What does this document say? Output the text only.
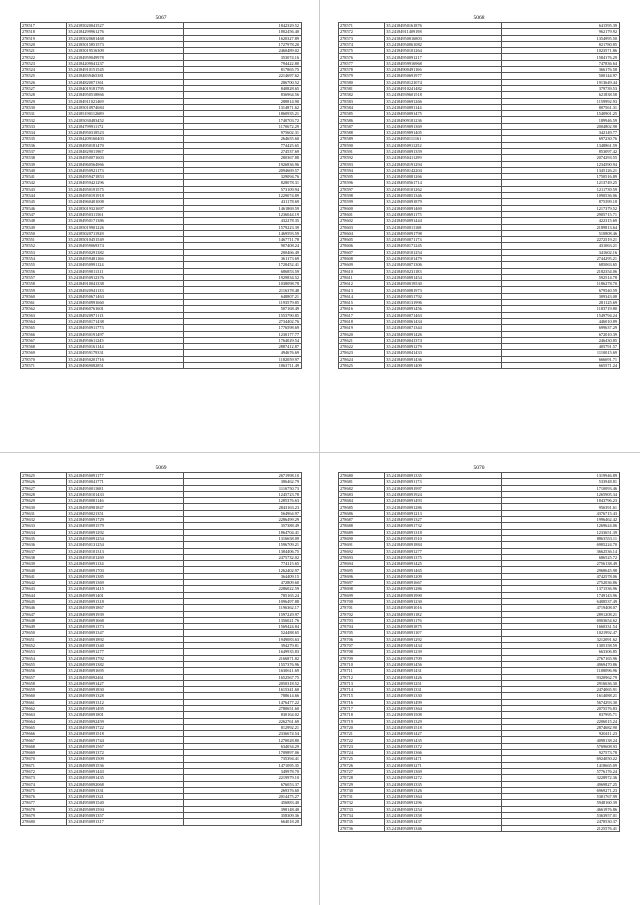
5067
278517	35.24185020041527	1842329.52
278518	35.24184299961276	1802456.40
278519	35.24185020681468	1620327.89
278520	35.24185015851573	1727978.20
278521	35.24185019516309	2460489.02
278522	35.24184959049978	353074.16
278523	35.24184209041237	794422.80
278524	35.24184910151545	817865.75
278525	35.24184839465381	2214697.62
278526	35.24184820071361	286700.52
278527	35.24184019181795	840828.65
278528	35.24184950518866	836964.56
278529	35.24184911021469	288814.90
278530	35.24185010974684	1314871.62
278531	35.24185190112689	1860935.21
278532	35.24185030483452	1740703.72
278533	35.24184799911172	1170672.29
278534	35.24184950318523	975602.31
278535	35.24184209160403	264655.60
278536	35.24184950181470	774425.65
278537	35.24184829011967	274537.69
278538	35.24184950071603	280367.88
278539	35.24184960564966	1926836.96
278540	35.24184950921173	2094669.57
278541	35.24184959471853	329094.76
278542	35.24184959421296	828078.31
278543	35.24184950191575	573109.94
278544	35.24184950191918	1229074.89
278545	35.24184960401008	431178.69
278546	35.24185019321697	1461869.59
278547	35.24184950311561	1236044.19
278548	35.24184950171386	432278.35
278549	35.24185019901226	1579223.39
278550	35.24185020711928	1469593.59
278551	35.24185010451549	1467711.78
278552	35.24184959069374	907408.24
278553	35.24184950291382	200466.49
278554	35.24184959481166	361173.69
278555	35.24184950991124	1728452.41
278556	35.24184959011311	686853.59
278557	35.24184950912376	1929834.52
278558	35.24184910041338	1038098.78
278559	35.24184920941133	2116378.48
278560	35.24184950671463	648807.21
278561	35.24184950991660	1193579.85
278562	35.24184960761601	507168.49
278563	35.24184920971113	1553790.85
278564	35.24184950171438	2734402.76
278565	35.24184950911773	1776598.69
278566	35.24184950191497	1230177.77
278567	35.24184950611245	1764029.54
278568	35.24184950161144	2887412.87
278569	35.24184959179331	494676.69
278570	35.24184950201716	1182059.97
278571	35.24184969082851	1063711.49
5068
278571	35.24184950161876	641595.39
278572	35.24184911409198	962179.92
278573	35.24184950016803	1354995.50
278574	35.24184950061082	821780.85
278575	35.24184950101264	1023571.86
278576	35.24184950091217	1584176.29
278577	35.24184959916968	747836.64
278578	35.24184900491166	366176.58
278579	35.24184950691977	500144.97
278580	35.24184950121074	1913649.44
278581	35.24184910241482	379739.53
278582	35.24184939601518	621838.58
278583	35.24184950691266	1159992.93
278584	35.24184950091144	807561.31
278585	35.24184950091475	1540901.25
278586	35.24184909181236	189946.59
278587	35.24184959091369	2004802.98
278588	35.24184959091405	342149.77
278589	35.24184950111161	697230.76
278590	35.24184950911252	1348861.59
278591	35.24184950091359	853097.42
278592	35.24184950411299	2074293.55
278593	35.24184950191294	1234590.94
278594	35.24184950142204	1345126.21
278595	35.24184950081266	1750516.89
278596	35.24184950561714	1213749.25
278597	35.24184950101262	1211739.59
278598	35.24184950051346	1090536.06
278599	35.24184950091879	875399.18
278600	35.24184950091469	1217379.52
278601	35.24184950691175	2905715.71
278602	35.24184950091444	422315.69
278603	35.24184950011168	2189813.64
278604	35.24184950091798	510808.46
278605	35.24184950071173	2272519.21
278606	35.24184950171245	431063.21
278607	35.24184950101254	341602.16
278608	35.24184950101479	2744295.21
278609	35.24184950071306	685063.65
278610	35.24184950231183	2182354.06
278611	35.24184950091454	592514.78
278612	35.24184950019530	1186278.70
278613	35.24184950081973	679540.59
278614	35.24184950051792	309343.08
278615	35.24184950131996	281125.69
278616	35.24184950091456	1183719.80
278617	35.24184950071463	1549794.24
278618	35.24184950061434	446010.89
278619	35.24184950071344	699637.29
278620	35.24184950091426	672010.39
278621	35.24184950041374	246430.85
278622	35.24184950091279	405791.57
278623	35.24184950041433	1110015.69
278624	35.24184950091436	666691.71
278625	35.24184950091409	665571.24
5069
278625	35.24184950091177	2671998.10
278626	35.24184950041771	386462.79
278627	35.24184950011681	1116750.73
278628	35.24184950101433	1245723.78
278629	35.24184950081146	1285376.63
278630	35.24184950981847	2843163.23
278631	35.24184950021351	564964.97
278632	35.24184950091729	2286499.29
278633	35.24184950091579	357388.49
278634	35.24184950091292	1864704.41
278635	35.24184950091254	1316658.09
278636	35.24184950131254	1596709.21
278637	35.24184950101313	1384406.75
278638	35.24184950101269	2475732.02
278639	35.24184950091134	774115.65
278640	35.24184950091703	1262402.97
278641	35.24184950091385	364409.15
278642	35.24184950091369	472809.60
278643	35.24184950091415	2286022.59
278644	35.24184950091401	785165.24
278645	35.24184950091318	1096497.88
278646	35.24184950091867	1196362.17
278647	35.24184950091939	1597229.97
278648	35.24184950091668	1356021.76
278649	35.24184950091373	1569424.84
278650	35.24184950091347	524488.65
278651	35.24184950091892	1949083.63
278652	35.24184950091340	394279.81
278653	35.24184950091277	1649935.83
278654	35.24184950091792	2166871.82
278655	35.24184950091382	1557376.96
278656	35.24184950091695	1630611.69
278657	35.24184950092461	1652567.75
278658	35.24184950091427	2050318.52
278659	35.24184950091830	1615341.60
278660	35.24184950091328	788614.66
278661	35.24184950091312	1476477.22
278662	35.24184950091495	2780651.60
278663	35.24184950091801	830164.02
278664	35.24184950092459	2262761.69
278665	35.24184950091722	812992.21
278666	35.24184950091518	2336674.54
278667	35.24184950091744	1270028.80
278668	35.24184950091567	634034.29
278669	35.24184950091372	1709897.06
278670	35.24184950091509	735394.41
278671	35.24184950091536	1471095.35
278672	35.24184950091443	349978.70
278673	35.24184950091435	2219979.10
278674	35.24184950092068	676053.37
278675	35.24184950091331	269376.60
278676	35.24184950091321	2014475.27
278677	35.24184950091540	456883.40
278678	35.24184950091594	398148.40
278679	35.24184950091357	358309.36
278680	35.24184950091317	664018.28
5070
278680	35.24184950091335	1319946.89
278681	35.24184950091173	533948.81
278682	35.24184950091997	1710093.46
278683	35.24184950091924	1265905.34
278684	35.24184950091493	1843796.23
278685	35.24184950091286	956391.61
278686	35.24184950091213	4376715.43
278687	35.24184950091327	1996462.42
278688	35.24184950091732	1269624.06
278689	35.24184950091318	1233651.39
278690	35.24184950091510	8863553.11
278691	35.24184950091884	6985224.70
278692	35.24184950091277	3662536.14
278693	35.24184950091375	686525.72
278694	35.24184950091425	2756138.49
278695	35.24184950091465	2968645.98
278696	35.24184950091209	4742578.06
278697	35.24184950091667	2752036.86
278698	35.24184950091286	1371536.96
278699	35.24184950091990	1749143.96
278700	35.24184950091230	6408537.49
278701	35.24184950091016	4719408.07
278702	35.24184950091182	2891208.21
278703	35.24184950091176	6903654.62
278704	35.24184950091875	1660331.54
278705	35.24184950091107	1021992.47
278706	35.24184950091292	3212091.62
278707	35.24184950091434	1305158.59
278708	35.24184950091239	663306.85
278709	35.24184950091709	2767165.96
278710	35.24184950091456	4969470.86
278711	35.24184950091431	1108096.96
278712	35.24184950091426	9320962.79
278713	35.24184950091251	2916636.30
278714	35.24184950091331	2474065.91
278715	35.24184950091330	1614088.21
278716	35.24184950091499	5674293.30
278717	35.24184950091364	2075576.83
278718	35.24184950091508	837995.71
278719	35.24184950091329	2206015.24
278720	35.24184950091518	2874682.90
278721	35.24184950091427	920411.23
278722	35.24184950091435	4098138.24
278723	35.24184950091372	5769608.93
278724	35.24184950091366	927573.78
278725	35.24184950091471	6924050.22
278726	35.24184950091271	1418665.09
278727	35.24184950091369	5776176.24
278728	35.24184950091272	3228972.36
278729	35.24184950091335	4969827.25
278730	35.24184950091326	6969271.23
278731	35.24184950091364	5381767.99
278732	35.24184950091296	5948160.39
278733	35.24184950091254	4661976.86
278734	35.24184950091358	5363957.01
278735	35.24184950091437	2478530.37
278736	35.24184950091346	2125576.41
